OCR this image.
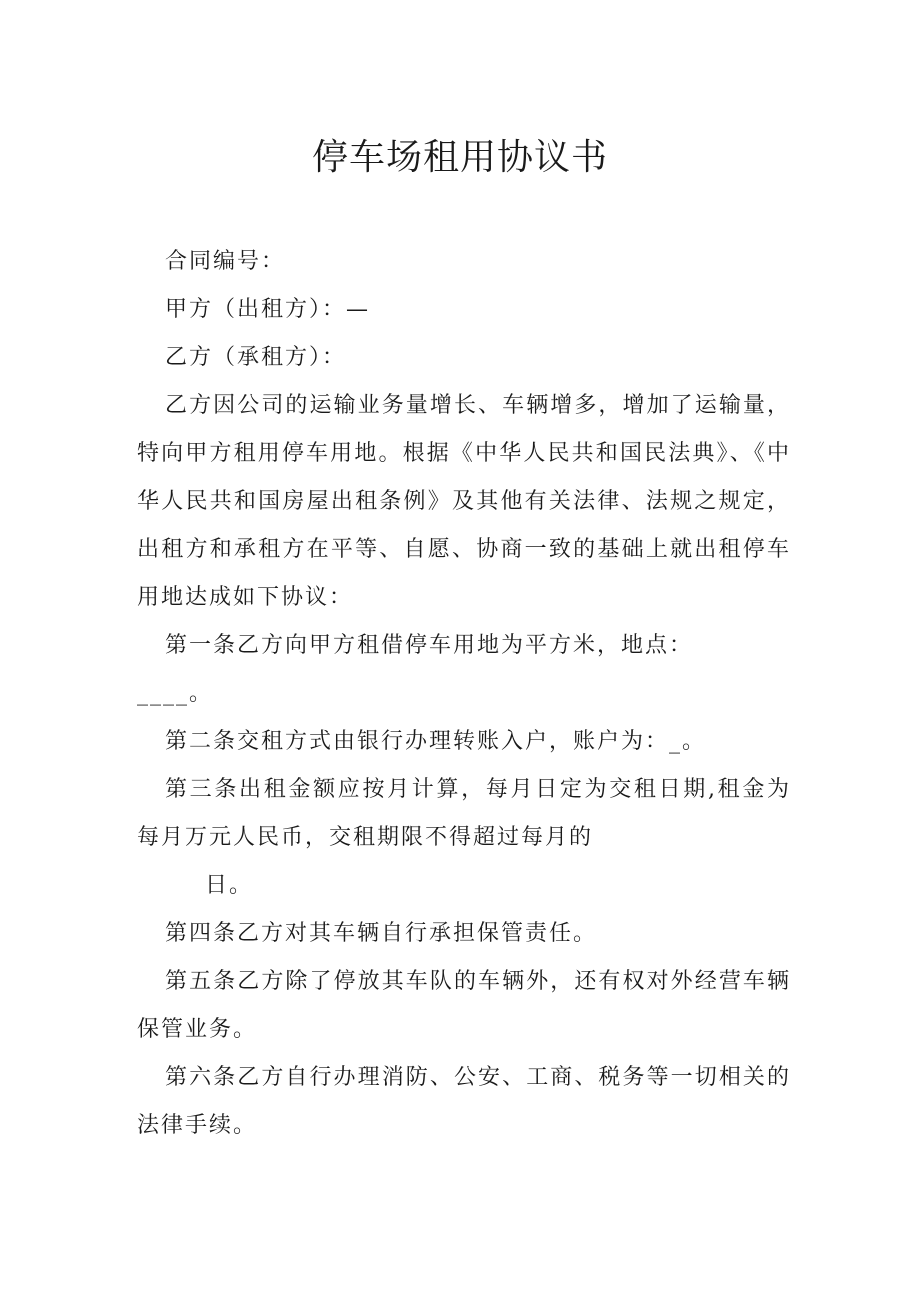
停车场租用协议书

合同编号：

甲方（出租方）：—

乙方（承租方）：

乙方因公司的运输业务量增长、车辆增多，增加了运输量，特向甲方租用停车用地。根据《中华人民共和国民法典》、《中华人民共和国房屋出租条例》及其他有关法律、法规之规定，出租方和承租方在平等、自愿、协商一致的基础上就出租停车用地达成如下协议：

第一条乙方向甲方租借停车用地为平方米，地点：

____。

第二条交租方式由银行办理转账入户，账户为：_。

第三条出租金额应按月计算，每月日定为交租日期,租金为每月万元人民币，交租期限不得超过每月的

日。

第四条乙方对其车辆自行承担保管责任。

第五条乙方除了停放其车队的车辆外，还有权对外经营车辆保管业务。

第六条乙方自行办理消防、公安、工商、税务等一切相关的法律手续。
